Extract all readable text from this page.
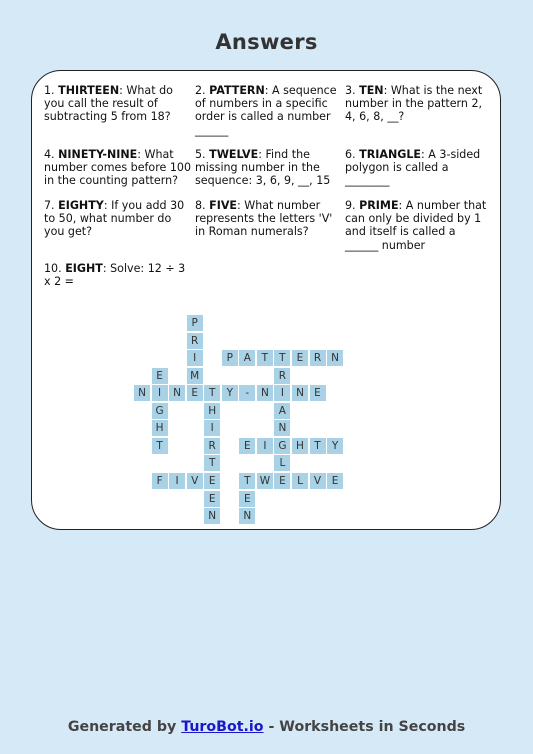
Answers
1. THIRTEEN: What do you call the result of subtracting 5 from 18?
2. PATTERN: A sequence of numbers in a specific order is called a number ______
3. TEN: What is the next number in the pattern 2, 4, 6, 8, __?
4. NINETY-NINE: What number comes before 100 in the counting pattern?
5. TWELVE: Find the missing number in the sequence: 3, 6, 9, __, 15
6. TRIANGLE: A 3-sided polygon is called a ________
7. EIGHTY: If you add 30 to 50, what number do you get?
8. FIVE: What number represents the letters 'V' in Roman numerals?
9. PRIME: A number that can only be divided by 1 and itself is called a ______ number
10. EIGHT: Solve: 12 ÷ 3 x 2 =
P
R
I
M
E
P	A	T	T	E	R N
R
I
A
N
G
L
E
E
I
G
H
T
N	N	T	Y	-	N	N E
H
I
R
T
E
E
N
E	I	H T	Y
F	I	V	T W	L	V	E
E
N
Generated by TuroBot.io - Worksheets in Seconds
